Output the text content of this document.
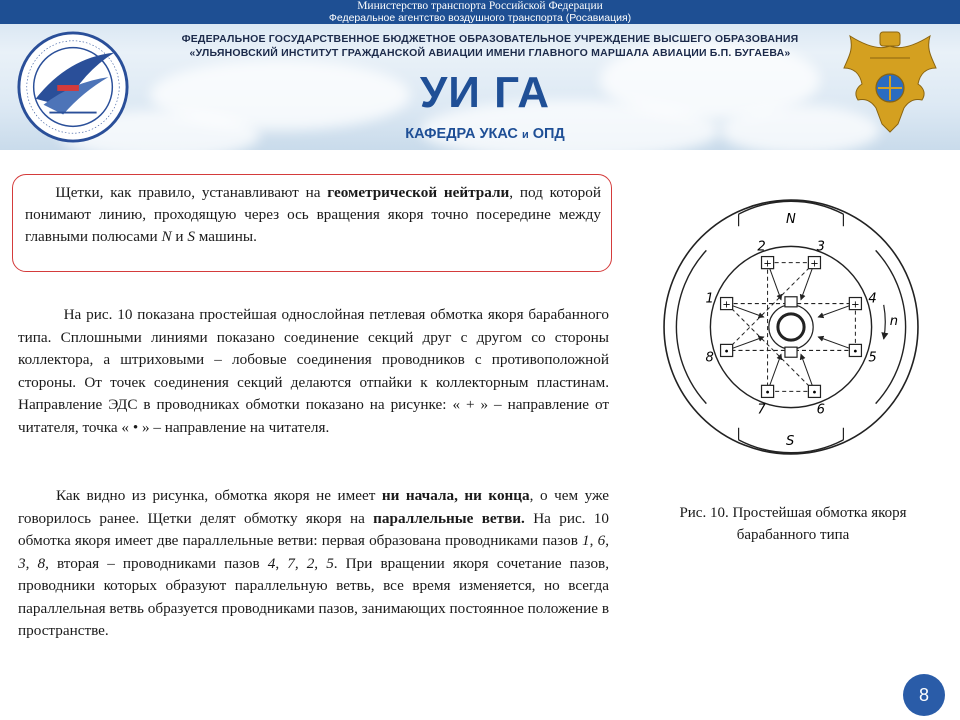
Министерство транспорта Российской Федерации
Федеральное агентство воздушного транспорта (Росавиация)
ФЕДЕРАЛЬНОЕ ГОСУДАРСТВЕННОЕ БЮДЖЕТНОЕ ОБРАЗОВАТЕЛЬНОЕ УЧРЕЖДЕНИЕ ВЫСШЕГО ОБРАЗОВАНИЯ
«УЛЬЯНОВСКИЙ ИНСТИТУТ ГРАЖДАНСКОЙ АВИАЦИИ ИМЕНИ ГЛАВНОГО МАРШАЛА АВИАЦИИ Б.П. БУГАЕВА»
УИ ГА
КАФЕДРА УКАС и ОПД

  Щетки, как правило, устанавливают на геометрической нейтрали, под которой понимают линию, проходящую через ось вращения якоря точно посередине между главными полюсами N и S машины.

   На рис. 10 показана простейшая однослойная петлевая обмотка якоря барабанного типа. Сплошными линиями показано соединение секций друг с другом со стороны коллектора, а штриховыми – лобовые соединения проводников с противоположной стороны. От точек соединения секций делаются отпайки к коллекторным пластинам. Направление ЭДС в проводниках обмотки показано на рисунке: « + » – направление от читателя, точка « • » – направление на читателя.

   Как видно из рисунка, обмотка якоря не имеет ни начала, ни конца, о чем уже говорилось ранее. Щетки делят обмотку якоря на параллельные ветви. На рис. 10 обмотка якоря имеет две параллельные ветви: первая образована проводниками пазов 1, 6, 3, 8, вторая – проводниками пазов 4, 7, 2, 5. При вращении якоря сочетание пазов, проводники которых образуют параллельную ветвь, все время изменяется, но всегда параллельная ветвь образуется проводниками пазов, занимающих постоянное положение в пространстве.

+
1
+
2
+
3
+ 4
• 5
•
6
•
7
•
8
n
N
S
Рис. 10. Простейшая обмотка якоря
барабанного типа
8
